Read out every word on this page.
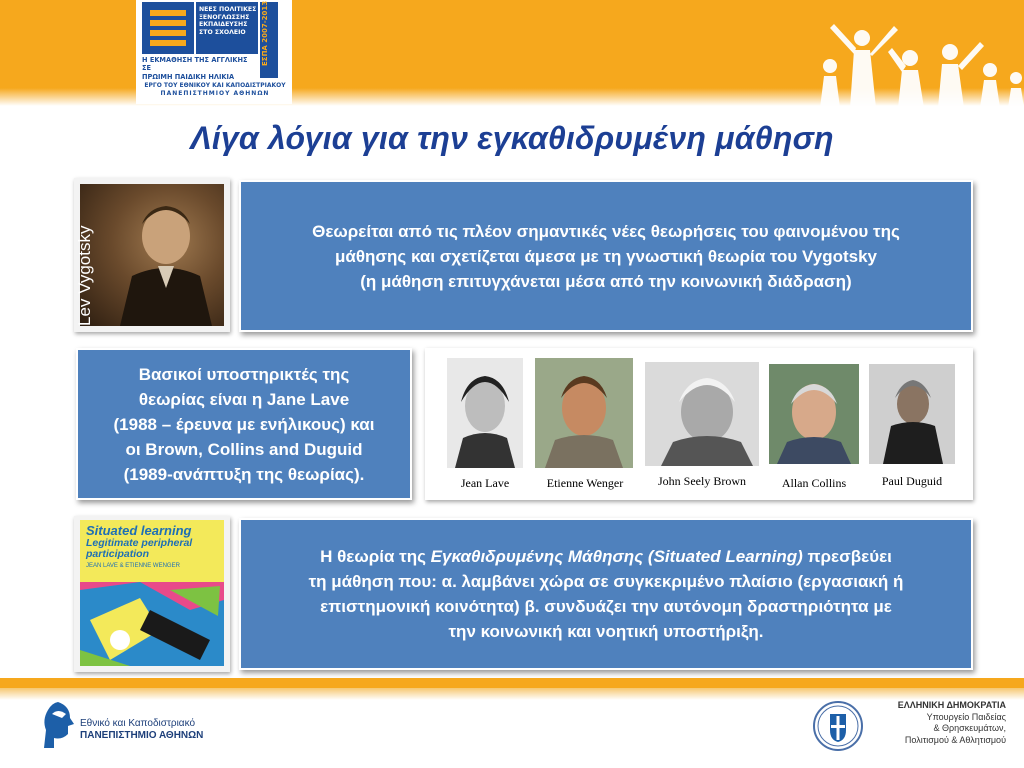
ΝΕΕΣ ΠΟΛΙΤΙΚΕΣ
ΞΕΝΟΓΛΩΣΣΗΣ
ΕΚΠΑΙΔΕΥΣΗΣ
ΣΤΟ ΣΧΟΛΕΙΟ	ΕΣΠΑ 2007-2013
Η ΕΚΜΑΘΗΣΗ ΤΗΣ ΑΓΓΛΙΚΗΣ ΣΕ
ΠΡΩΙΜΗ ΠΑΙΔΙΚΗ ΗΛΙΚΙΑ
ΕΡΓΟ ΤΟΥ ΕΘΝΙΚΟΥ ΚΑΙ ΚΑΠΟΔΙΣΤΡΙΑΚΟΥ
ΠΑΝΕΠΙΣΤΗΜΙΟΥ ΑΘΗΝΩΝ
Λίγα λόγια για την εγκαθιδρυμένη μάθηση
Lev Vygotsky	Θεωρείται από τις πλέον σημαντικές νέες θεωρήσεις του φαινομένου της
μάθησης και σχετίζεται άμεσα με τη γνωστική θεωρία του Vygotsky
(η μάθηση επιτυγχάνεται μέσα από την κοινωνική διάδραση)
Βασικοί υποστηρικτές της
θεωρίας είναι η Jane Lave
(1988 – έρευνα με ενήλικους) και
οι Brown, Collins and Duguid
(1989-ανάπτυξη της θεωρίας).	Jean Lave	Etienne Wenger	John Seely Brown	Allan Collins	Paul Duguid
Situated learning
Legitimate peripheral participation
JEAN LAVE & ETIENNE WENGER	Η θεωρία της Εγκαθιδρυμένης Μάθησης (Situated Learning) πρεσβεύει
τη μάθηση που: α. λαμβάνει χώρα σε συγκεκριμένο πλαίσιο (εργασιακή ή
επιστημονική κοινότητα) β. συνδυάζει την αυτόνομη δραστηριότητα με
την κοινωνική και νοητική υποστήριξη.
Εθνικό και Καποδιστριακό
ΠΑΝΕΠΙΣΤΗΜΙΟ ΑΘΗΝΩΝ
ΕΛΛΗΝΙΚΗ ΔΗΜΟΚΡΑΤΙΑ
Υπουργείο Παιδείας
& Θρησκευμάτων,
Πολιτισμού & Αθλητισμού
